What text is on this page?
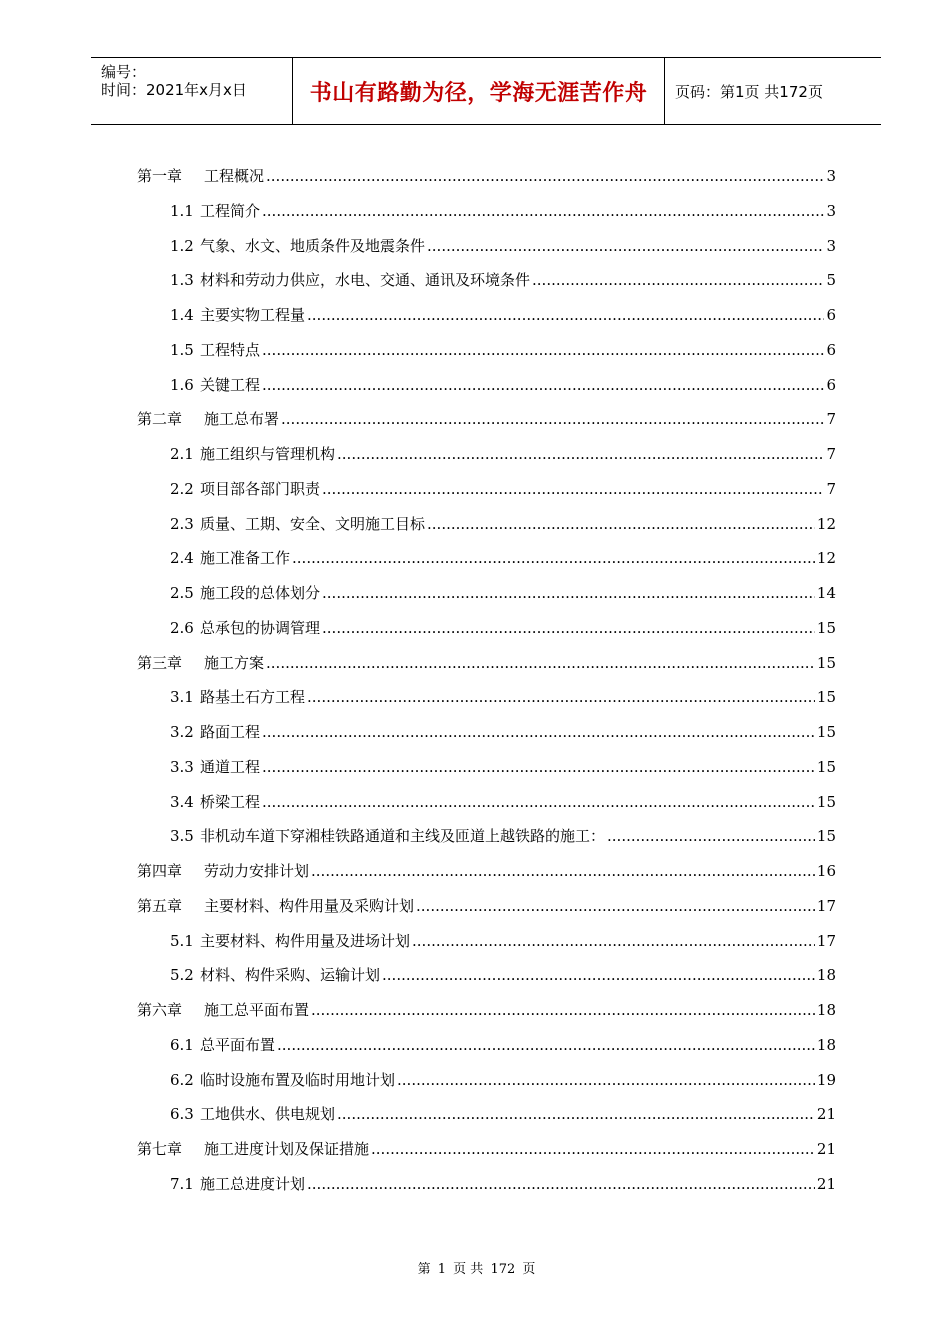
编号：
时间：2021年x月x日	书山有路勤为径，学海无涯苦作舟	页码：第1页 共172页
第一章	工程概况 .....	3
1.1 工程简介 .....	3
1.2 气象、水文、地质条件及地震条件 .....	3
1.3 材料和劳动力供应，水电、交通、通讯及环境条件 .....	5
1.4 主要实物工程量 .....	6
1.5 工程特点 .....	6
1.6 关键工程 .....	6
第二章	施工总布署 .....	7
2.1 施工组织与管理机构 .....	7
2.2 项目部各部门职责 .....	7
2.3 质量、工期、安全、文明施工目标 .....	12
2.4 施工准备工作 .....	12
2.5 施工段的总体划分 .....	14
2.6 总承包的协调管理 .....	15
第三章	施工方案 .....	15
3.1 路基土石方工程 .....	15
3.2 路面工程 .....	15
3.3 通道工程 .....	15
3.4 桥梁工程 .....	15
3.5 非机动车道下穿湘桂铁路通道和主线及匝道上越铁路的施工： .....	15
第四章	劳动力安排计划 .....	16
第五章	主要材料、构件用量及采购计划 .....	17
5.1 主要材料、构件用量及进场计划 .....	17
5.2 材料、构件采购、运输计划 .....	18
第六章	施工总平面布置 .....	18
6.1 总平面布置 .....	18
6.2 临时设施布置及临时用地计划 .....	19
6.3 工地供水、供电规划 .....	21
第七章	施工进度计划及保证措施 .....	21
7.1 施工总进度计划 .....	21
第 1 页 共 172 页
